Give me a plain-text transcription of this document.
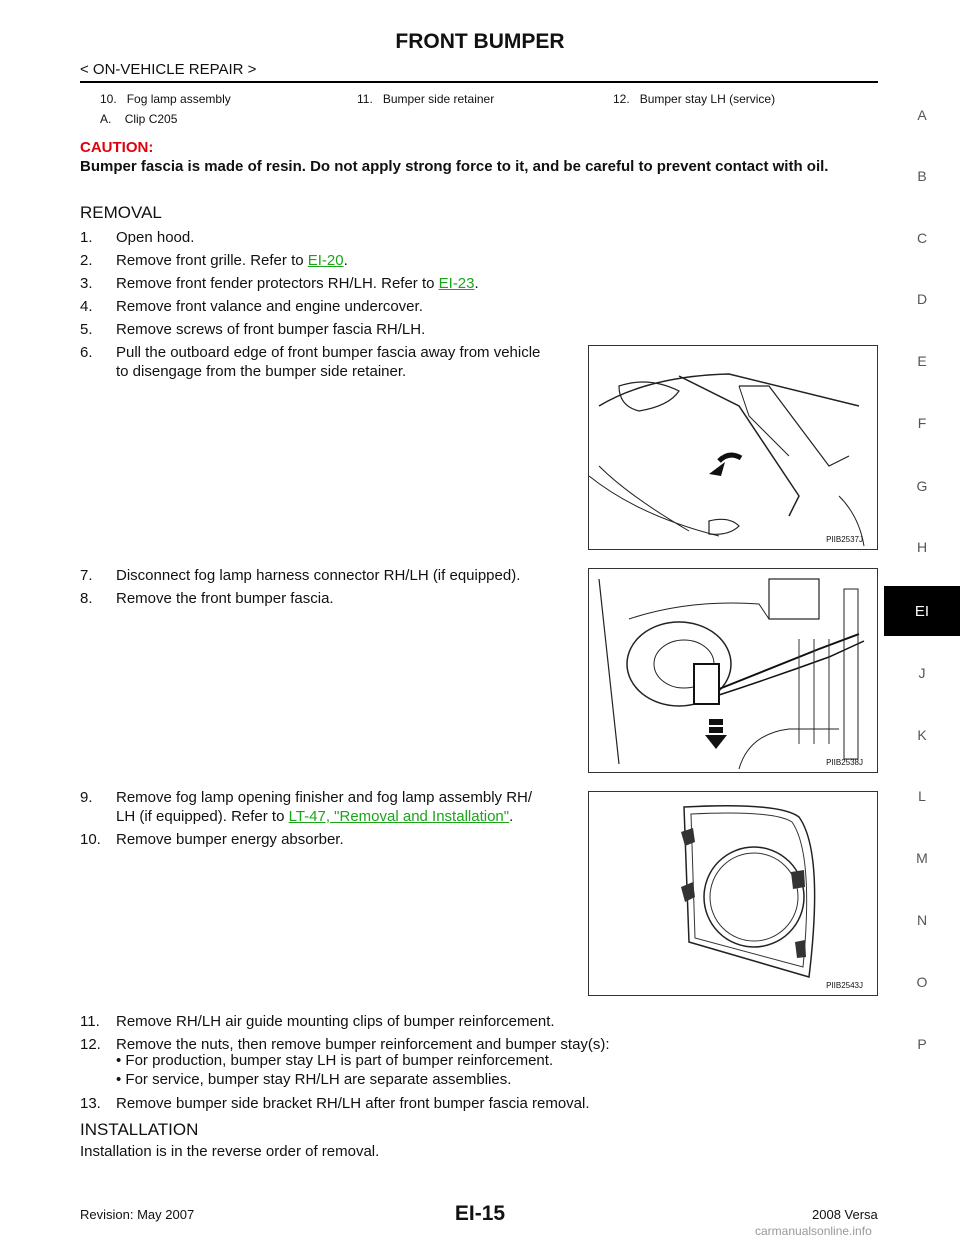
FRONT BUMPER
< ON-VEHICLE REPAIR >
10. Fog lamp assembly	11. Bumper side retainer	12. Bumper stay LH (service)
A. Clip C205
CAUTION:
Bumper fascia is made of resin. Do not apply strong force to it, and be careful to prevent contact with oil.
REMOVAL
1. Open hood.
2. Remove front grille. Refer to EI-20.
3. Remove front fender protectors RH/LH. Refer to EI-23.
4. Remove front valance and engine undercover.
5. Remove screws of front bumper fascia RH/LH.
6. Pull the outboard edge of front bumper fascia away from vehicle
to disengage from the bumper side retainer.
PIIB2537J
7. Disconnect fog lamp harness connector RH/LH (if equipped).
8. Remove the front bumper fascia.
PIIB2538J
9. Remove fog lamp opening finisher and fog lamp assembly RH/
LH (if equipped). Refer to LT-47, "Removal and Installation".
10. Remove bumper energy absorber.
PIIB2543J
11. Remove RH/LH air guide mounting clips of bumper reinforcement.
12. Remove the nuts, then remove bumper reinforcement and bumper stay(s):
• For production, bumper stay LH is part of bumper reinforcement.
• For service, bumper stay RH/LH are separate assemblies.
13. Remove bumper side bracket RH/LH after front bumper fascia removal.
INSTALLATION
Installation is in the reverse order of removal.
A
B
C
D
E
F
G
H
EI
J
K
L
M
N
O
P
Revision: May 2007	EI-15	2008 Versa
carmanualsonline.info
